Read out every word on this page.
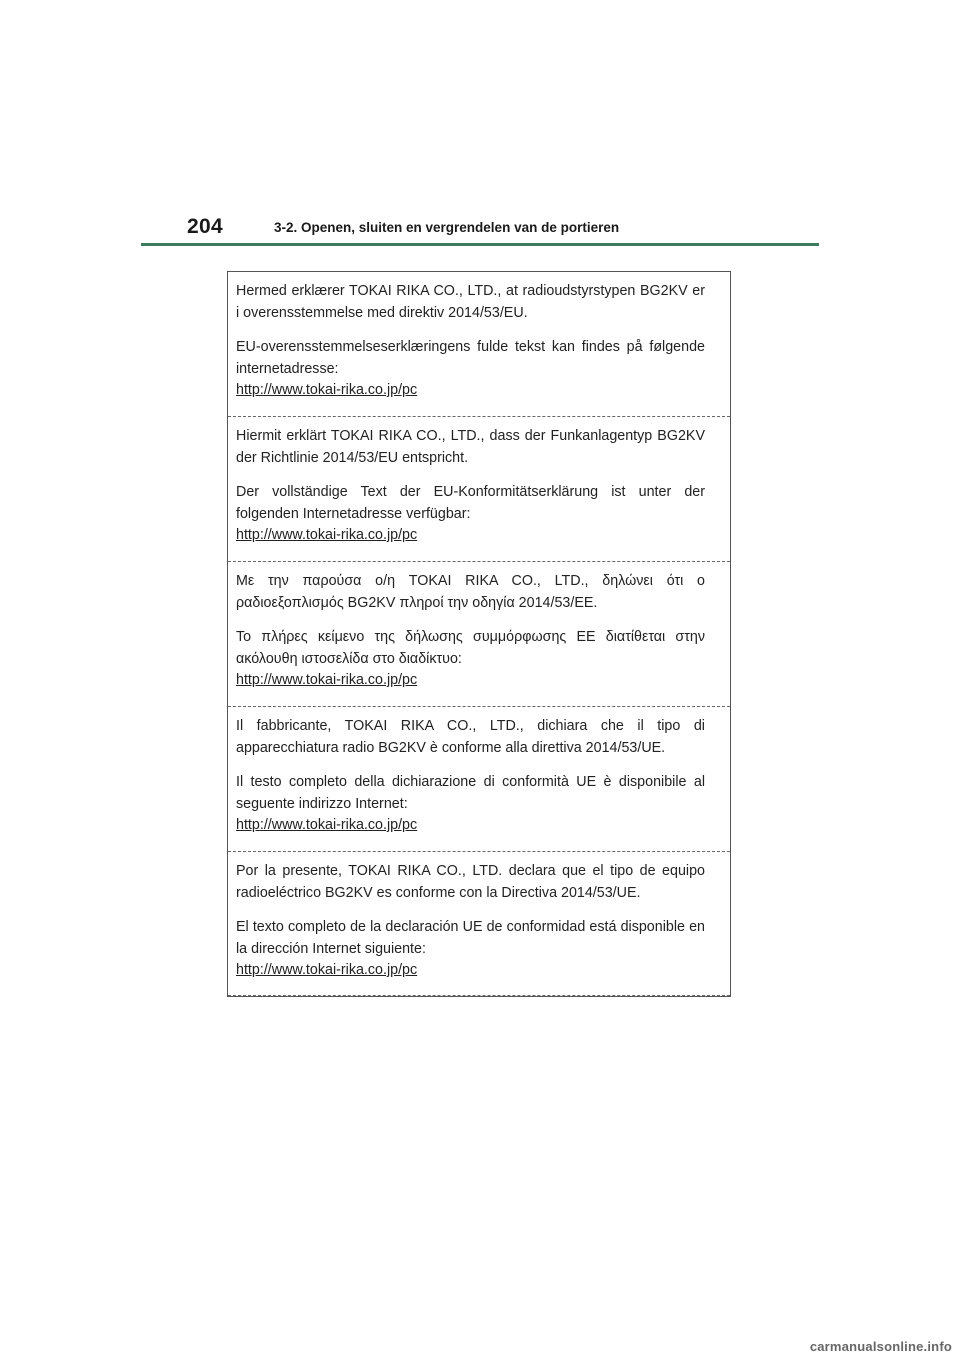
204	3-2. Openen, sluiten en vergrendelen van de portieren

Hermed erklærer TOKAI RIKA CO., LTD., at radioudstyrstypen BG2KV er i overensstemmelse med direktiv 2014/53/EU.

EU-overensstemmelseserklæringens fulde tekst kan findes på følgende internetadresse:

http://www.tokai-rika.co.jp/pc

Hiermit erklärt TOKAI RIKA CO., LTD., dass der Funkanlagentyp BG2KV der Richtlinie 2014/53/EU entspricht.

Der vollständige Text der EU-Konformitätserklärung ist unter der folgenden Internetadresse verfügbar:

http://www.tokai-rika.co.jp/pc

Με την παρούσα ο/η TOKAI RIKA CO., LTD., δηλώνει ότι ο ραδιοεξοπλισμός BG2KV πληροί την οδηγία 2014/53/ΕΕ.

Το πλήρες κείμενο της δήλωσης συμμόρφωσης ΕΕ διατίθεται στην ακόλουθη ιστοσελίδα στο διαδίκτυο:

http://www.tokai-rika.co.jp/pc

Il fabbricante, TOKAI RIKA CO., LTD., dichiara che il tipo di apparecchiatura radio BG2KV è conforme alla direttiva 2014/53/UE.

Il testo completo della dichiarazione di conformità UE è disponibile al seguente indirizzo Internet:

http://www.tokai-rika.co.jp/pc

Por la presente, TOKAI RIKA CO., LTD. declara que el tipo de equipo radioeléctrico BG2KV es conforme con la Directiva 2014/53/UE.

El texto completo de la declaración UE de conformidad está disponible en la dirección Internet siguiente:

http://www.tokai-rika.co.jp/pc
carmanualsonline.info
